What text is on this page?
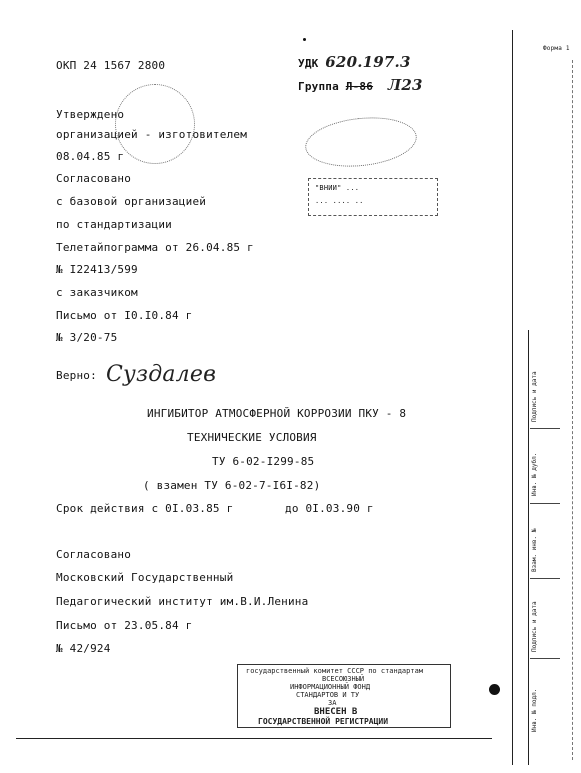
ОКП 24 1567 2800	УДК 620.197.3
Группа Л-86 Л23
Форма 1
"ВНИИ" ...
... .... ..
Утверждено
организацией - изготовителем
08.04.85 г
Согласовано
с базовой организацией
по стандартизации
Телетайпограмма от 26.04.85 г
№ I22413/599
с заказчиком
Письмо от I0.I0.84 г
№ 3/20-75
Верно: Суздалев
ИНГИБИТОР АТМОСФЕРНОЙ КОРРОЗИИ ПКУ - 8
ТЕХНИЧЕСКИЕ УСЛОВИЯ
ТУ 6-02-I299-85
( взамен ТУ 6-02-7-I6I-82)
Срок действия с 0I.03.85 г	до 0I.03.90 г
Согласовано
Московский Государственный
Педагогический институт им.В.И.Ленина
Письмо от 23.05.84 г
№ 42/924
государственный комитет СССР по стандартам
ВСЕСОЮЗНЫЙ
ИНФОРМАЦИОННЫЙ ФОНД
СТАНДАРТОВ И ТУ
ЗА
ВНЕСЕН В
ГОСУДАРСТВЕННОЙ РЕГИСТРАЦИИ
Подпись и дата
Инв. № дубл.
Взам. инв. №
Подпись и дата
Инв. № подл.
